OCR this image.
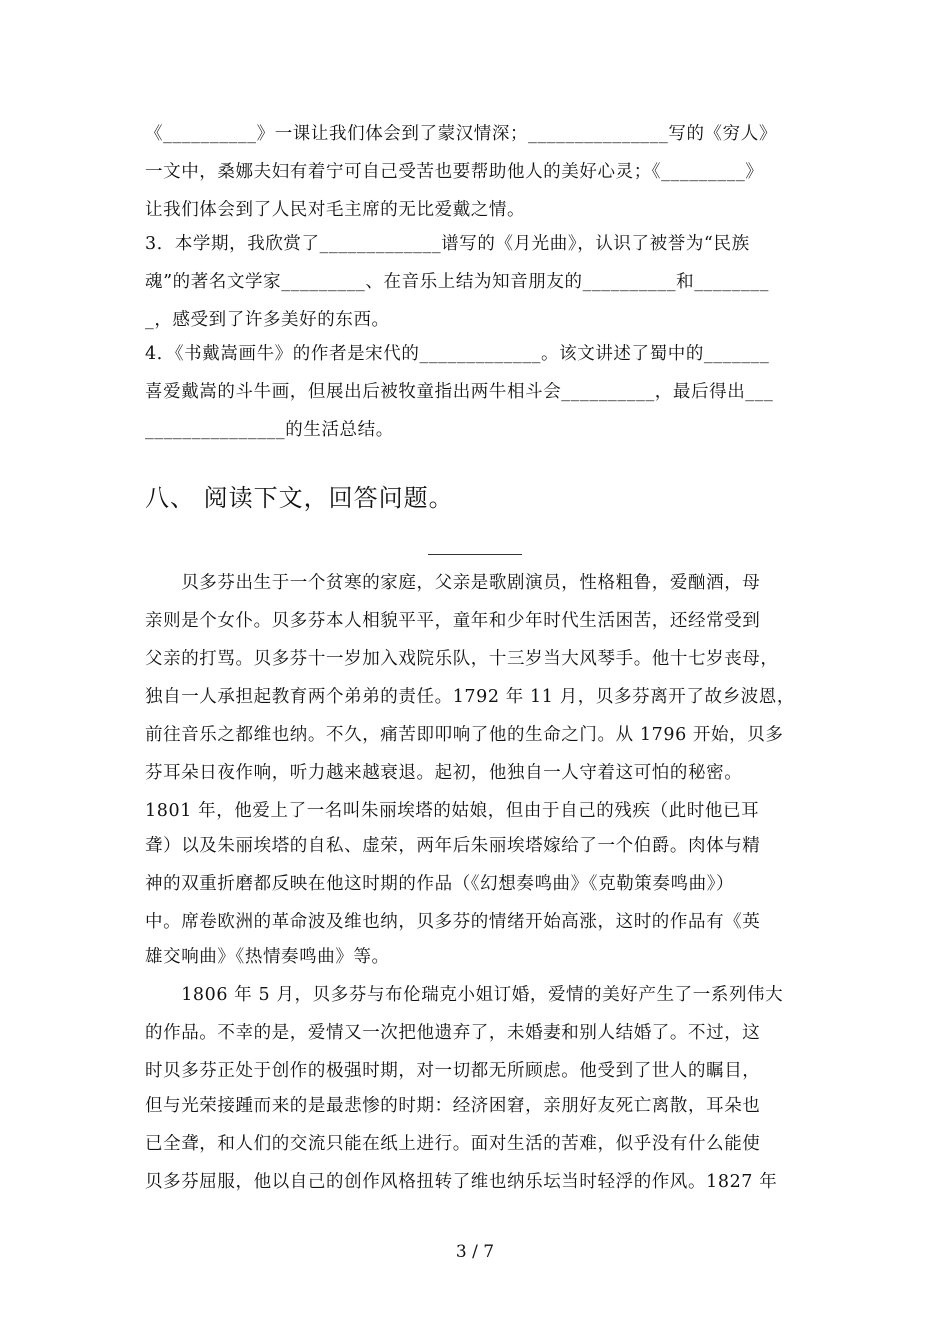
《__________》一课让我们体会到了蒙汉情深；_______________写的《穷人》
一文中，桑娜夫妇有着宁可自己受苦也要帮助他人的美好心灵；《_________》
让我们体会到了人民对毛主席的无比爱戴之情。
3．本学期，我欣赏了_____________谱写的《月光曲》，认识了被誉为“民族
魂”的著名文学家_________、在音乐上结为知音朋友的__________和________
_，感受到了许多美好的东西。
4．《书戴嵩画牛》的作者是宋代的_____________。该文讲述了蜀中的_______
喜爱戴嵩的斗牛画，但展出后被牧童指出两牛相斗会__________，最后得出___
_______________的生活总结。
八、 阅读下文，回答问题。
　　贝多芬出生于一个贫寒的家庭，父亲是歌剧演员，性格粗鲁，爱酗酒，母
亲则是个女仆。贝多芬本人相貌平平，童年和少年时代生活困苦，还经常受到
父亲的打骂。贝多芬十一岁加入戏院乐队，十三岁当大风琴手。他十七岁丧母，
独自一人承担起教育两个弟弟的责任。1792 年 11 月，贝多芬离开了故乡波恩，
前往音乐之都维也纳。不久，痛苦即叩响了他的生命之门。从 1796 开始，贝多
芬耳朵日夜作响，听力越来越衰退。起初，他独自一人守着这可怕的秘密。
1801 年，他爱上了一名叫朱丽埃塔的姑娘，但由于自己的残疾（此时他已耳
聋）以及朱丽埃塔的自私、虚荣，两年后朱丽埃塔嫁给了一个伯爵。肉体与精
神的双重折磨都反映在他这时期的作品（《幻想奏鸣曲》《克勒策奏鸣曲》）
中。席卷欧洲的革命波及维也纳，贝多芬的情绪开始高涨，这时的作品有《英
雄交响曲》《热情奏鸣曲》等。
　　1806 年 5 月，贝多芬与布伦瑞克小姐订婚，爱情的美好产生了一系列伟大
的作品。不幸的是，爱情又一次把他遗弃了，未婚妻和别人结婚了。不过，这
时贝多芬正处于创作的极强时期，对一切都无所顾虑。他受到了世人的瞩目，
但与光荣接踵而来的是最悲惨的时期：经济困窘，亲朋好友死亡离散，耳朵也
已全聋，和人们的交流只能在纸上进行。面对生活的苦难，似乎没有什么能使
贝多芬屈服，他以自己的创作风格扭转了维也纳乐坛当时轻浮的作风。1827 年
3 / 7
